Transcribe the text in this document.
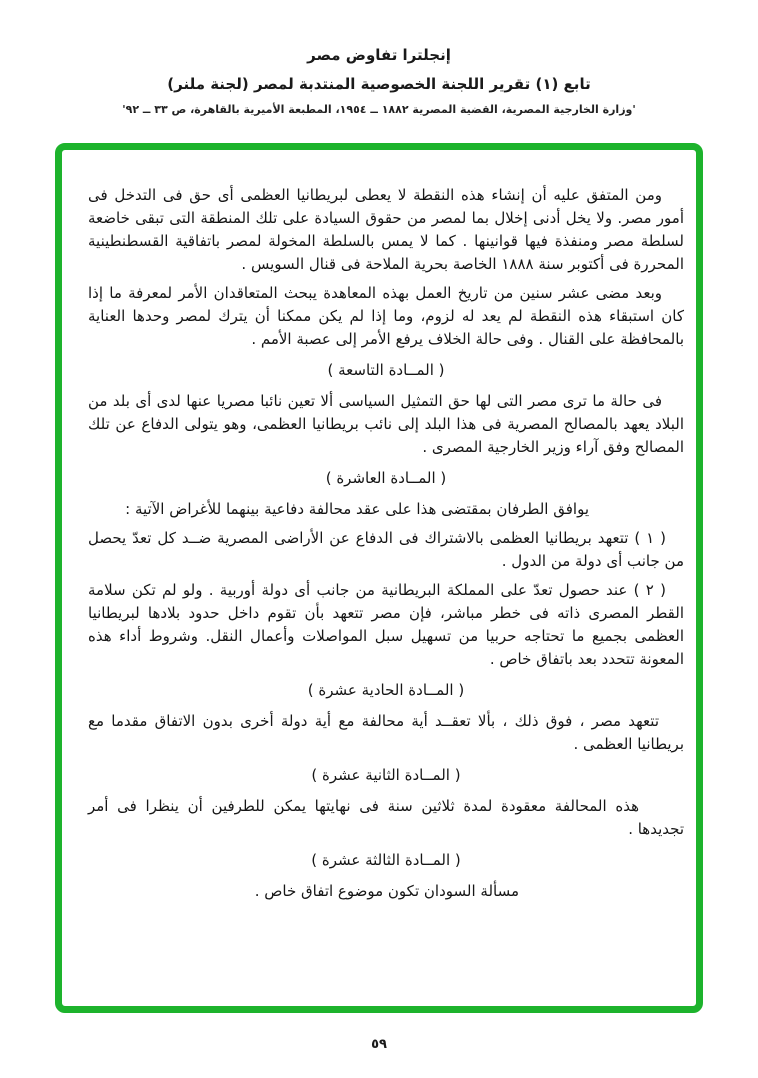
إنجلترا تفاوض مصر
تابع (١) تقرير اللجنة الخصوصية المنتدبة لمصر (لجنة ملنر)
'وزارة الخارجية المصرية، القضية المصرية ١٨٨٢ ــ ١٩٥٤، المطبعة الأميرية بالقاهرة، ص ٣٣ ــ ٩٢'

ومن المتفق عليه أن إنشاء هذه النقطة لا يعطى لبريطانيا العظمى أى حق فى التدخل فى أمور مصر. ولا يخل أدنى إخلال بما لمصر من حقوق السيادة على تلك المنطقة التى تبقى خاضعة لسلطة مصر ومنفذة فيها قوانينها . كما لا يمس بالسلطة المخولة لمصر باتفاقية القسطنطينية المحررة فى أكتوبر سنة ١٨٨٨ الخاصة بحرية الملاحة فى قنال السويس .

وبعد مضى عشر سنين من تاريخ العمل بهذه المعاهدة يبحث المتعاقدان الأمر لمعرفة ما إذا كان استبقاء هذه النقطة لم يعد له لزوم، وما إذا لم يكن ممكنا أن يترك لمصر وحدها العناية بالمحافظة على القنال . وفى حالة الخلاف يرفع الأمر إلى عصبة الأمم .

( المــادة التاسعة )

فى حالة ما ترى مصر التى لها حق التمثيل السياسى ألا تعين نائبا مصريا عنها لدى أى بلد من البلاد يعهد بالمصالح المصرية فى هذا البلد إلى نائب بريطانيا العظمى، وهو يتولى الدفاع عن تلك المصالح وفق آراء وزير الخارجية المصرى .

( المــادة العاشرة )

يوافق الطرفان بمقتضى هذا على عقد محالفة دفاعية بينهما للأغراض الآتية :

( ١ ) تتعهد بريطانيا العظمى بالاشتراك فى الدفاع عن الأراضى المصرية ضــد كل تعدّ يحصل من جانب أى دولة من الدول .

( ٢ ) عند حصول تعدّ على المملكة البريطانية من جانب أى دولة أوربية . ولو لم تكن سلامة القطر المصرى ذاته فى خطر مباشر، فإن مصر تتعهد بأن تقوم داخل حدود بلادها لبريطانيا العظمى بجميع ما تحتاجه حربيا من تسهيل سبل المواصلات وأعمال النقل. وشروط أداء هذه المعونة تتحدد بعد باتفاق خاص .

( المــادة الحادية عشرة )

تتعهد مصر ، فوق ذلك ، بألا تعقــد أية محالفة مع أية دولة أخرى بدون الاتفاق مقدما مع بريطانيا العظمى .

( المــادة الثانية عشرة )

هذه المحالفة معقودة لمدة ثلاثين سنة فى نهايتها يمكن للطرفين أن ينظرا فى أمر تجديدها .

( المــادة الثالثة عشرة )

مسألة السودان تكون موضوع اتفاق خاص .

٥٩
